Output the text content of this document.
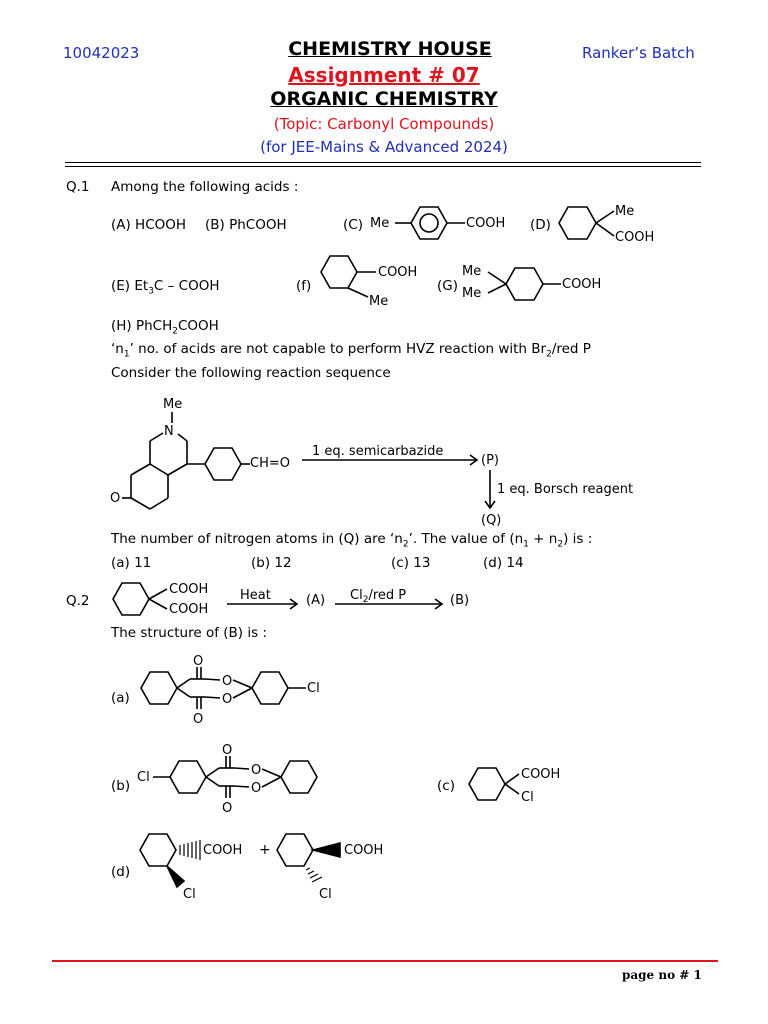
10042023	CHEMISTRY HOUSE	Ranker’s Batch
Assignment # 07
ORGANIC CHEMISTRY
(Topic: Carbonyl Compounds)
(for JEE-Mains & Advanced 2024)
Q.1 Among the following acids :
(A) HCOOH (B) PhCOOH	(C)	(D)
(E) $Et_3C$ – COOH	(f)	(G)
(H) PhCH$_2$COOH
‘$n_1$’ no. of acids are not capable to perform HVZ reaction with $Br_2$/red P
Consider the following reaction sequence
The number of nitrogen atoms in (Q) are ‘$n_2$’. The value of $(n_1 + n_2)$ is :
(a) 11	(b) 12	(c) 13	(d) 14
Q.2
The structure of (B) is :
(a)
(b)	(c)
(d)
Me	COOH
Me
COOH
COOH
Me
Me
Me
COOH
Me
N
O
CH=O
1 eq. semicarbazide
(P)
1 eq. Borsch reagent
(Q)
COOH
COOH
Heat	(A) $Cl_2$/red P	(B)
O
O
O
O
Cl
Cl
O
O
O
O
COOH
Cl
COOH
Cl
+	COOH
Cl
page no # 1
